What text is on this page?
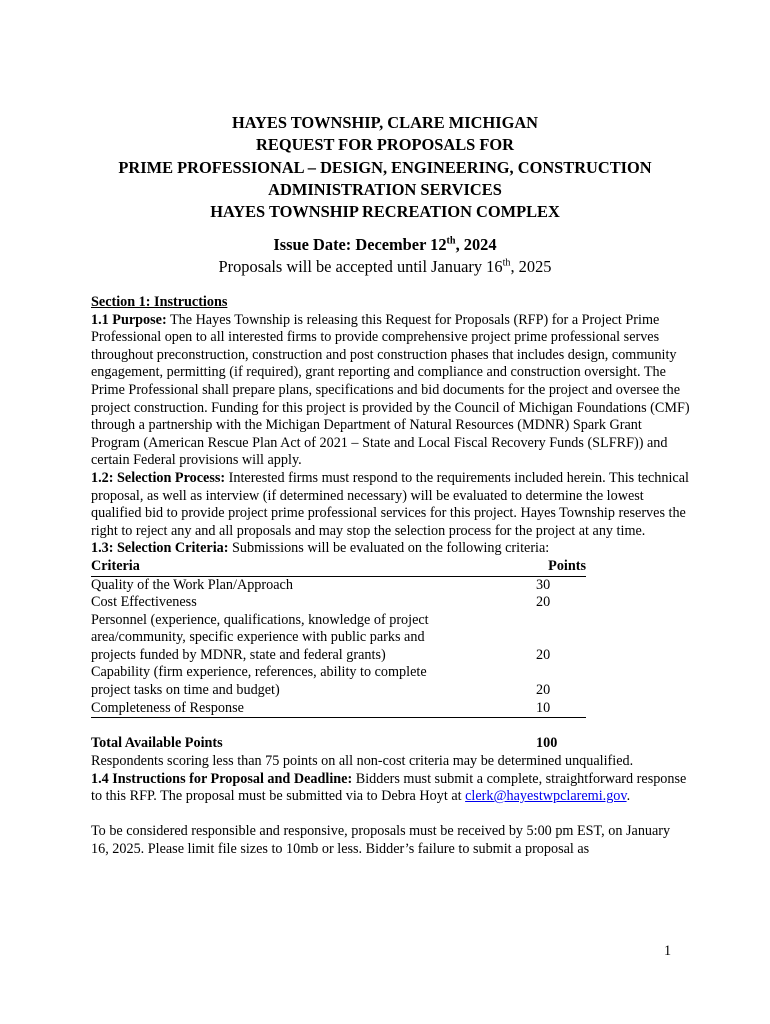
HAYES TOWNSHIP, CLARE MICHIGAN
REQUEST FOR PROPOSALS FOR
PRIME PROFESSIONAL – DESIGN, ENGINEERING, CONSTRUCTION
ADMINISTRATION SERVICES
HAYES TOWNSHIP RECREATION COMPLEX
Issue Date: December 12th, 2024
Proposals will be accepted until January 16th, 2025

Section 1: Instructions

1.1 Purpose: The Hayes Township is releasing this Request for Proposals (RFP) for a Project Prime Professional open to all interested firms to provide comprehensive project prime professional serves throughout preconstruction, construction and post construction phases that includes design, community engagement, permitting (if required), grant reporting and compliance and construction oversight. The Prime Professional shall prepare plans, specifications and bid documents for the project and oversee the project construction. Funding for this project is provided by the Council of Michigan Foundations (CMF) through a partnership with the Michigan Department of Natural Resources (MDNR) Spark Grant Program (American Rescue Plan Act of 2021 – State and Local Fiscal Recovery Funds (SLFRF)) and certain Federal provisions will apply.

1.2: Selection Process: Interested firms must respond to the requirements included herein. This technical proposal, as well as interview (if determined necessary) will be evaluated to determine the lowest qualified bid to provide project prime professional services for this project. Hayes Township reserves the right to reject any and all proposals and may stop the selection process for the project at any time.

1.3: Selection Criteria: Submissions will be evaluated on the following criteria:

Criteria	Points
Quality of the Work Plan/Approach	30
Cost Effectiveness	20
Personnel (experience, qualifications, knowledge of project area/community, specific experience with public parks and projects funded by MDNR, state and federal grants)	20
Capability (firm experience, references, ability to complete project tasks on time and budget)	20
Completeness of Response	10

Total Available Points	100

Respondents scoring less than 75 points on all non-cost criteria may be determined unqualified.

1.4 Instructions for Proposal and Deadline: Bidders must submit a complete, straightforward response to this RFP. The proposal must be submitted via to Debra Hoyt at clerk@hayestwpclaremi.gov.

To be considered responsible and responsive, proposals must be received by 5:00 pm EST, on January 16, 2025. Please limit file sizes to 10mb or less. Bidder’s failure to submit a proposal as

1
